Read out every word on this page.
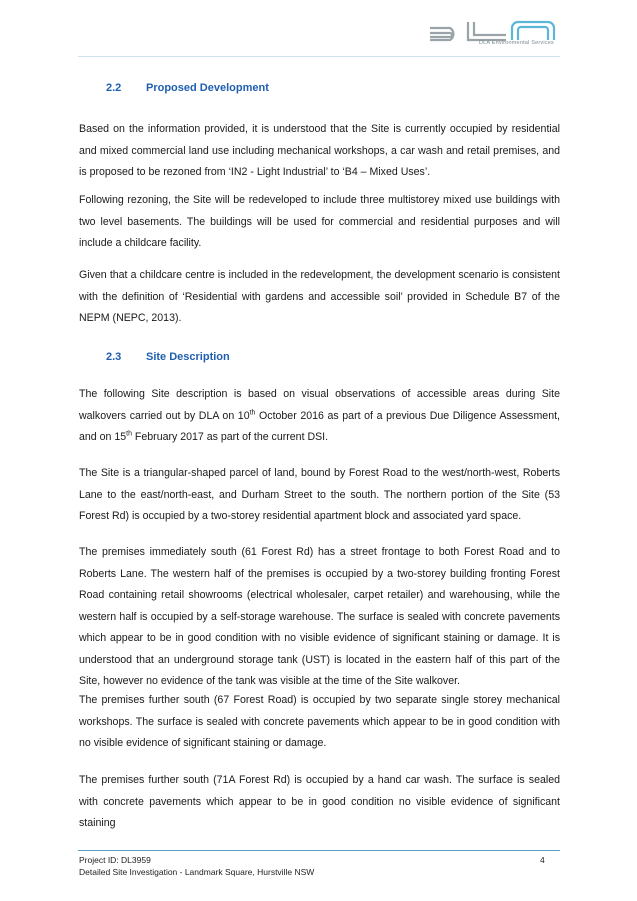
DLA Environmental Services
2.2 Proposed Development
Based on the information provided, it is understood that the Site is currently occupied by residential and mixed commercial land use including mechanical workshops, a car wash and retail premises, and is proposed to be rezoned from ‘IN2 - Light Industrial’ to ‘B4 – Mixed Uses’.
Following rezoning, the Site will be redeveloped to include three multistorey mixed use buildings with two level basements. The buildings will be used for commercial and residential purposes and will include a childcare facility.
Given that a childcare centre is included in the redevelopment, the development scenario is consistent with the definition of ‘Residential with gardens and accessible soil’ provided in Schedule B7 of the NEPM (NEPC, 2013).
2.3 Site Description
The following Site description is based on visual observations of accessible areas during Site walkovers carried out by DLA on 10th October 2016 as part of a previous Due Diligence Assessment, and on 15th February 2017 as part of the current DSI.
The Site is a triangular-shaped parcel of land, bound by Forest Road to the west/north-west, Roberts Lane to the east/north-east, and Durham Street to the south. The northern portion of the Site (53 Forest Rd) is occupied by a two-storey residential apartment block and associated yard space.
The premises immediately south (61 Forest Rd) has a street frontage to both Forest Road and to Roberts Lane. The western half of the premises is occupied by a two-storey building fronting Forest Road containing retail showrooms (electrical wholesaler, carpet retailer) and warehousing, while the western half is occupied by a self-storage warehouse. The surface is sealed with concrete pavements which appear to be in good condition with no visible evidence of significant staining or damage. It is understood that an underground storage tank (UST) is located in the eastern half of this part of the Site, however no evidence of the tank was visible at the time of the Site walkover.
The premises further south (67 Forest Road) is occupied by two separate single storey mechanical workshops. The surface is sealed with concrete pavements which appear to be in good condition with no visible evidence of significant staining or damage.
The premises further south (71A Forest Rd) is occupied by a hand car wash. The surface is sealed with concrete pavements which appear to be in good condition no visible evidence of significant staining
Project ID: DL3959
Detailed Site Investigation - Landmark Square, Hurstville NSW
4
